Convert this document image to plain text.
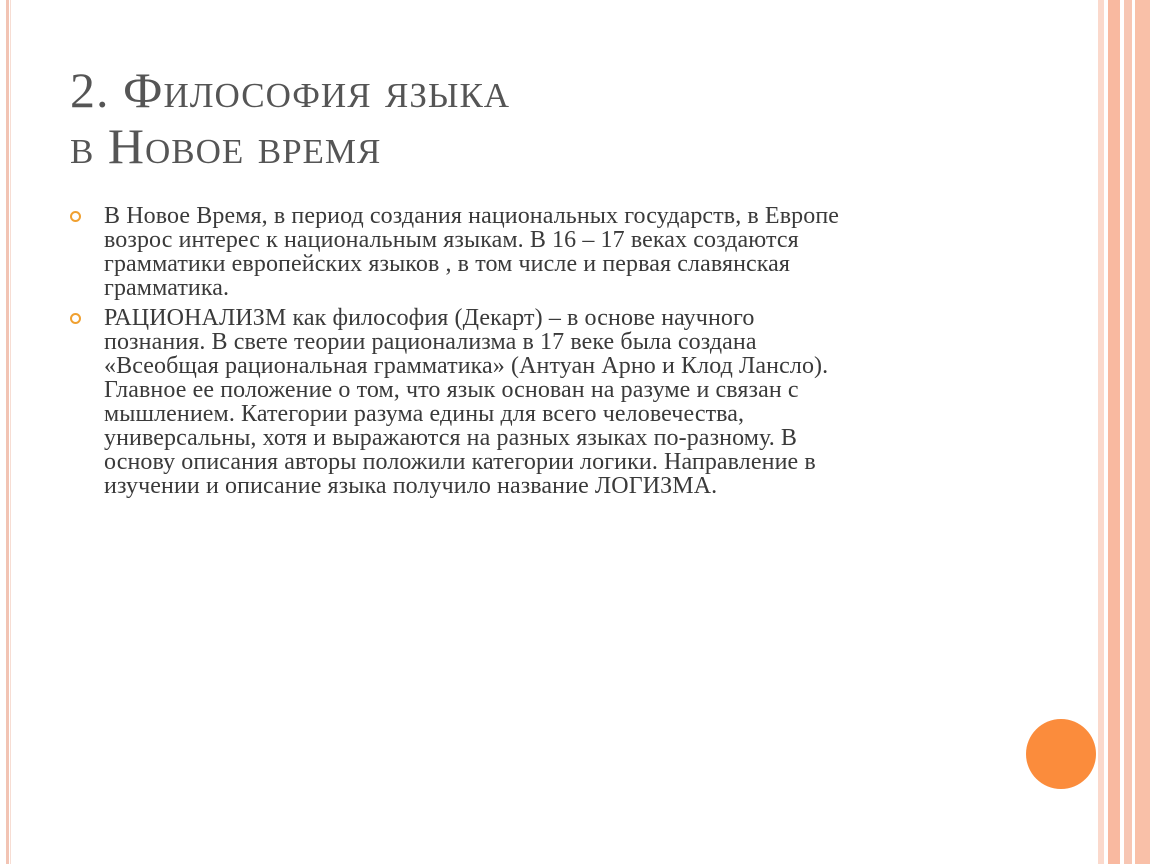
2. Философия языка
в Новое время
В Новое Время, в период создания национальных государств, в Европе
возрос интерес к национальным языкам. В 16 – 17 веках создаются
грамматики европейских языков , в том числе и первая славянская
грамматика.
РАЦИОНАЛИЗМ как философия (Декарт) – в основе научного
познания. В свете теории рационализма в 17 веке была создана
«Всеобщая рациональная грамматика» (Антуан Арно и Клод Лансло).
Главное ее положение о том, что язык основан на разуме и связан с
мышлением. Категории разума едины для всего человечества,
универсальны, хотя и выражаются на разных языках по-разному. В
основу описания авторы положили категории логики. Направление в
изучении и описание языка получило название ЛОГИЗМА.
